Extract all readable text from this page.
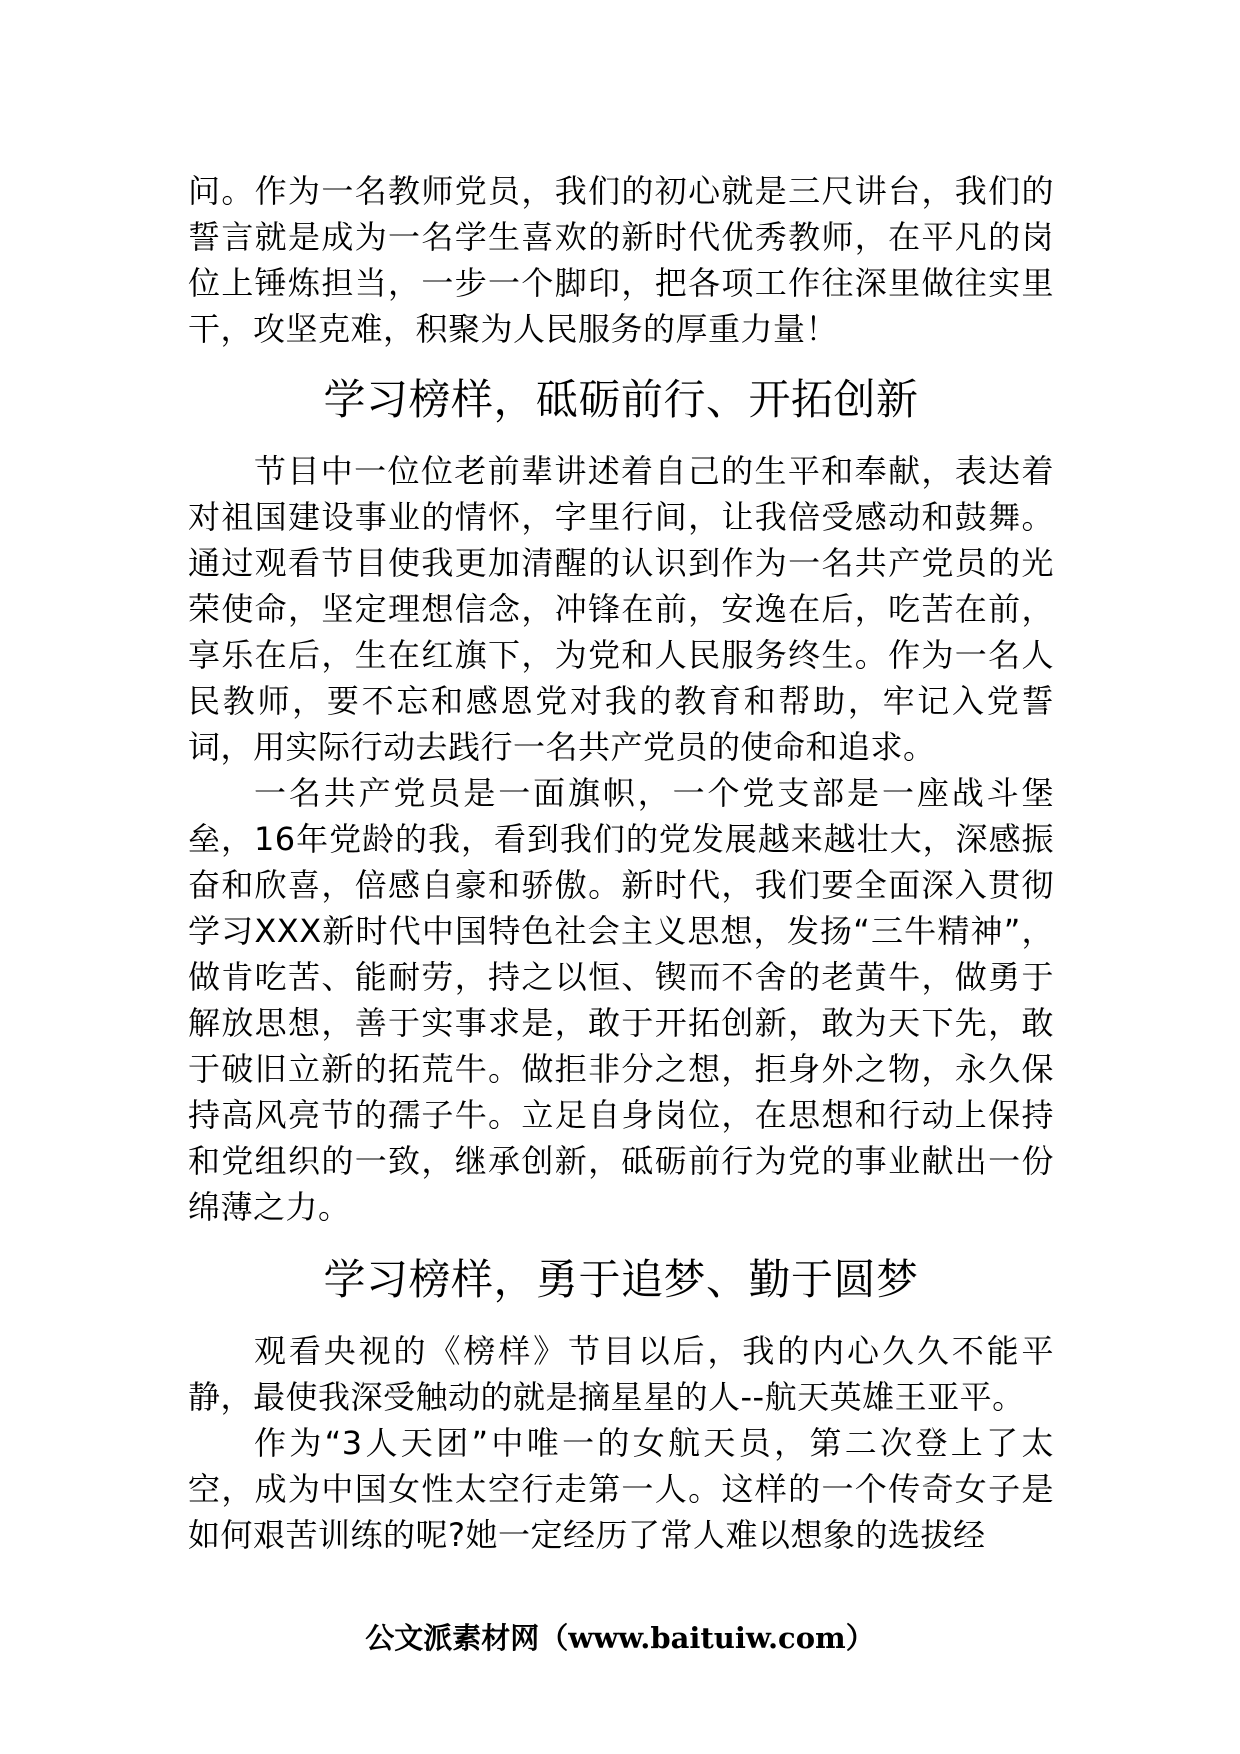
问。作为一名教师党员，我们的初心就是三尺讲台，我们的誓言就是成为一名学生喜欢的新时代优秀教师，在平凡的岗位上锤炼担当，一步一个脚印，把各项工作往深里做往实里干，攻坚克难，积聚为人民服务的厚重力量！

学习榜样，砥砺前行、开拓创新

节目中一位位老前辈讲述着自己的生平和奉献，表达着对祖国建设事业的情怀，字里行间，让我倍受感动和鼓舞。通过观看节目使我更加清醒的认识到作为一名共产党员的光荣使命，坚定理想信念，冲锋在前，安逸在后，吃苦在前，享乐在后，生在红旗下，为党和人民服务终生。作为一名人民教师，要不忘和感恩党对我的教育和帮助，牢记入党誓词，用实际行动去践行一名共产党员的使命和追求。

一名共产党员是一面旗帜，一个党支部是一座战斗堡垒，16年党龄的我，看到我们的党发展越来越壮大，深感振奋和欣喜，倍感自豪和骄傲。新时代，我们要全面深入贯彻学习XXX新时代中国特色社会主义思想，发扬“三牛精神”，做肯吃苦、能耐劳，持之以恒、锲而不舍的老黄牛，做勇于解放思想，善于实事求是，敢于开拓创新，敢为天下先，敢于破旧立新的拓荒牛。做拒非分之想，拒身外之物，永久保持高风亮节的孺子牛。立足自身岗位，在思想和行动上保持和党组织的一致，继承创新，砥砺前行为党的事业献出一份绵薄之力。

学习榜样，勇于追梦、勤于圆梦

观看央视的《榜样》节目以后，我的内心久久不能平静，最使我深受触动的就是摘星星的人--航天英雄王亚平。

作为“3人天团”中唯一的女航天员，第二次登上了太空，成为中国女性太空行走第一人。这样的一个传奇女子是如何艰苦训练的呢?她一定经历了常人难以想象的选拔经

公文派素材网（www.baituiw.com）
